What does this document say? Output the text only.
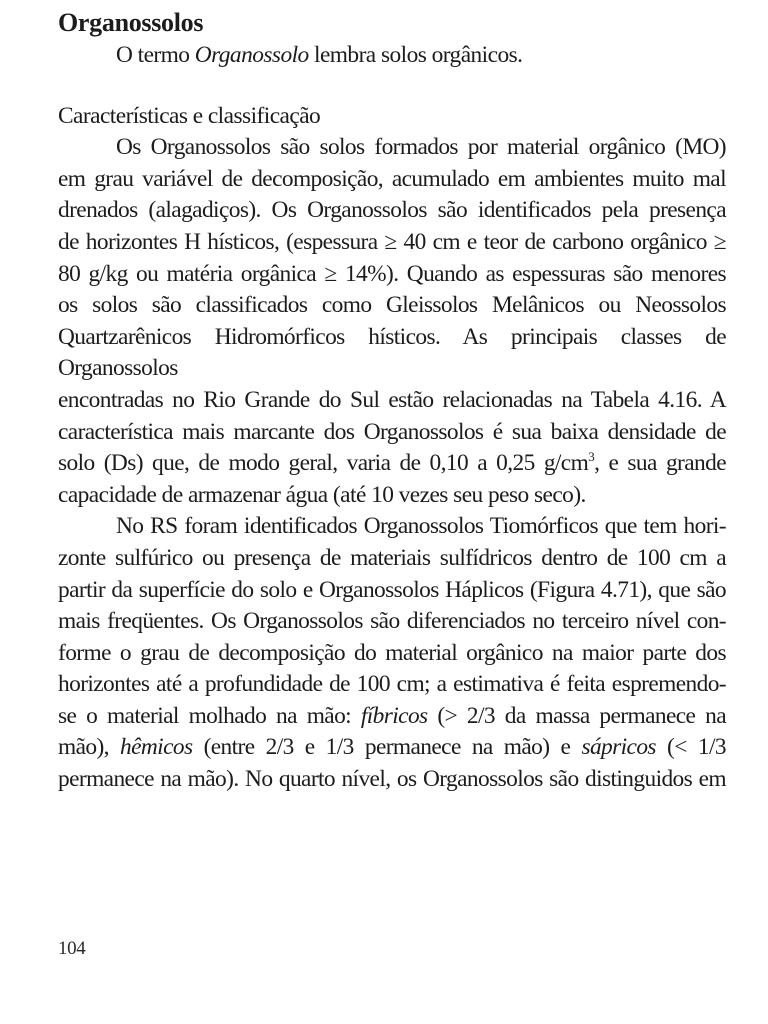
Organossolos
O termo Organossolo lembra solos orgânicos.
Características e classificação
Os Organossolos são solos formados por material orgânico (MO)
em grau variável de decomposição, acumulado em ambientes muito mal
drenados (alagadiços). Os Organossolos são identificados pela presença
de horizontes H hísticos, (espessura ≥ 40 cm e teor de carbono orgânico ≥
80 g/kg ou matéria orgânica ≥ 14%). Quando as espessuras são menores
os solos são classificados como Gleissolos Melânicos ou Neossolos
Quartzarênicos Hidromórficos hísticos. As principais classes de Organossolos
encontradas no Rio Grande do Sul estão relacionadas na Tabela 4.16. A
característica mais marcante dos Organossolos é sua baixa densidade de
solo (Ds) que, de modo geral, varia de 0,10 a 0,25 $g/cm^3$, e sua grande
capacidade de armazenar água (até 10 vezes seu peso seco).
No RS foram identificados Organossolos Tiomórficos que tem hori-
zonte sulfúrico ou presença de materiais sulfídricos dentro de 100 cm a
partir da superfície do solo e Organossolos Háplicos (Figura 4.71), que são
mais freqüentes. Os Organossolos são diferenciados no terceiro nível con-
forme o grau de decomposição do material orgânico na maior parte dos
horizontes até a profundidade de 100 cm; a estimativa é feita espremendo-
se o material molhado na mão: fíbricos (> 2/3 da massa permanece na
mão), hêmicos (entre 2/3 e 1/3 permanece na mão) e sápricos (< 1/3
permanece na mão). No quarto nível, os Organossolos são distinguidos em
104
